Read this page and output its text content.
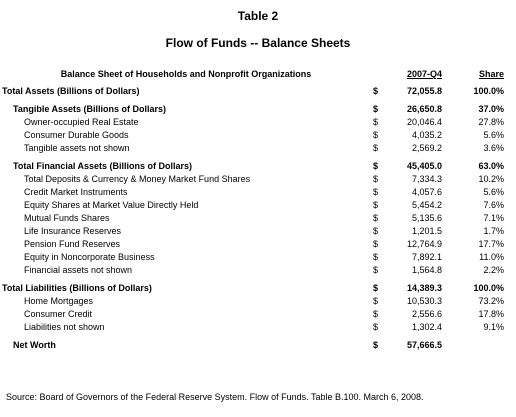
Table 2
Flow of Funds -- Balance Sheets
Balance Sheet of Households and Nonprofit Organizations	2007-Q4	Share
Total Assets (Billions of Dollars)	$	72,055.8	100.0%
Tangible Assets (Billions of Dollars)	$	26,650.8	37.0%
Owner-occupied Real Estate	$	20,046.4	27.8%
Consumer Durable Goods	$	4,035.2	5.6%
Tangible assets not shown	$	2,569.2	3.6%
Total Financial Assets (Billions of Dollars)	$	45,405.0	63.0%
Total Deposits & Currency & Money Market Fund Shares	$	7,334.3	10.2%
Credit Market Instruments	$	4,057.6	5.6%
Equity Shares at Market Value Directly Held	$	5,454.2	7.6%
Mutual Funds Shares	$	5,135.6	7.1%
Life Insurance Reserves	$	1,201.5	1.7%
Pension Fund Reserves	$	12,764.9	17.7%
Equity in Noncorporate Business	$	7,892.1	11.0%
Financial assets not shown	$	1,564.8	2.2%
Total Liabilities (Billions of Dollars)	$	14,389.3	100.0%
Home Mortgages	$	10,530.3	73.2%
Consumer Credit	$	2,556.6	17.8%
Liabilities not shown	$	1,302.4	9.1%
Net Worth	$	57,666.5
Source: Board of Governors of the Federal Reserve System. Flow of Funds. Table B.100. March 6, 2008.
